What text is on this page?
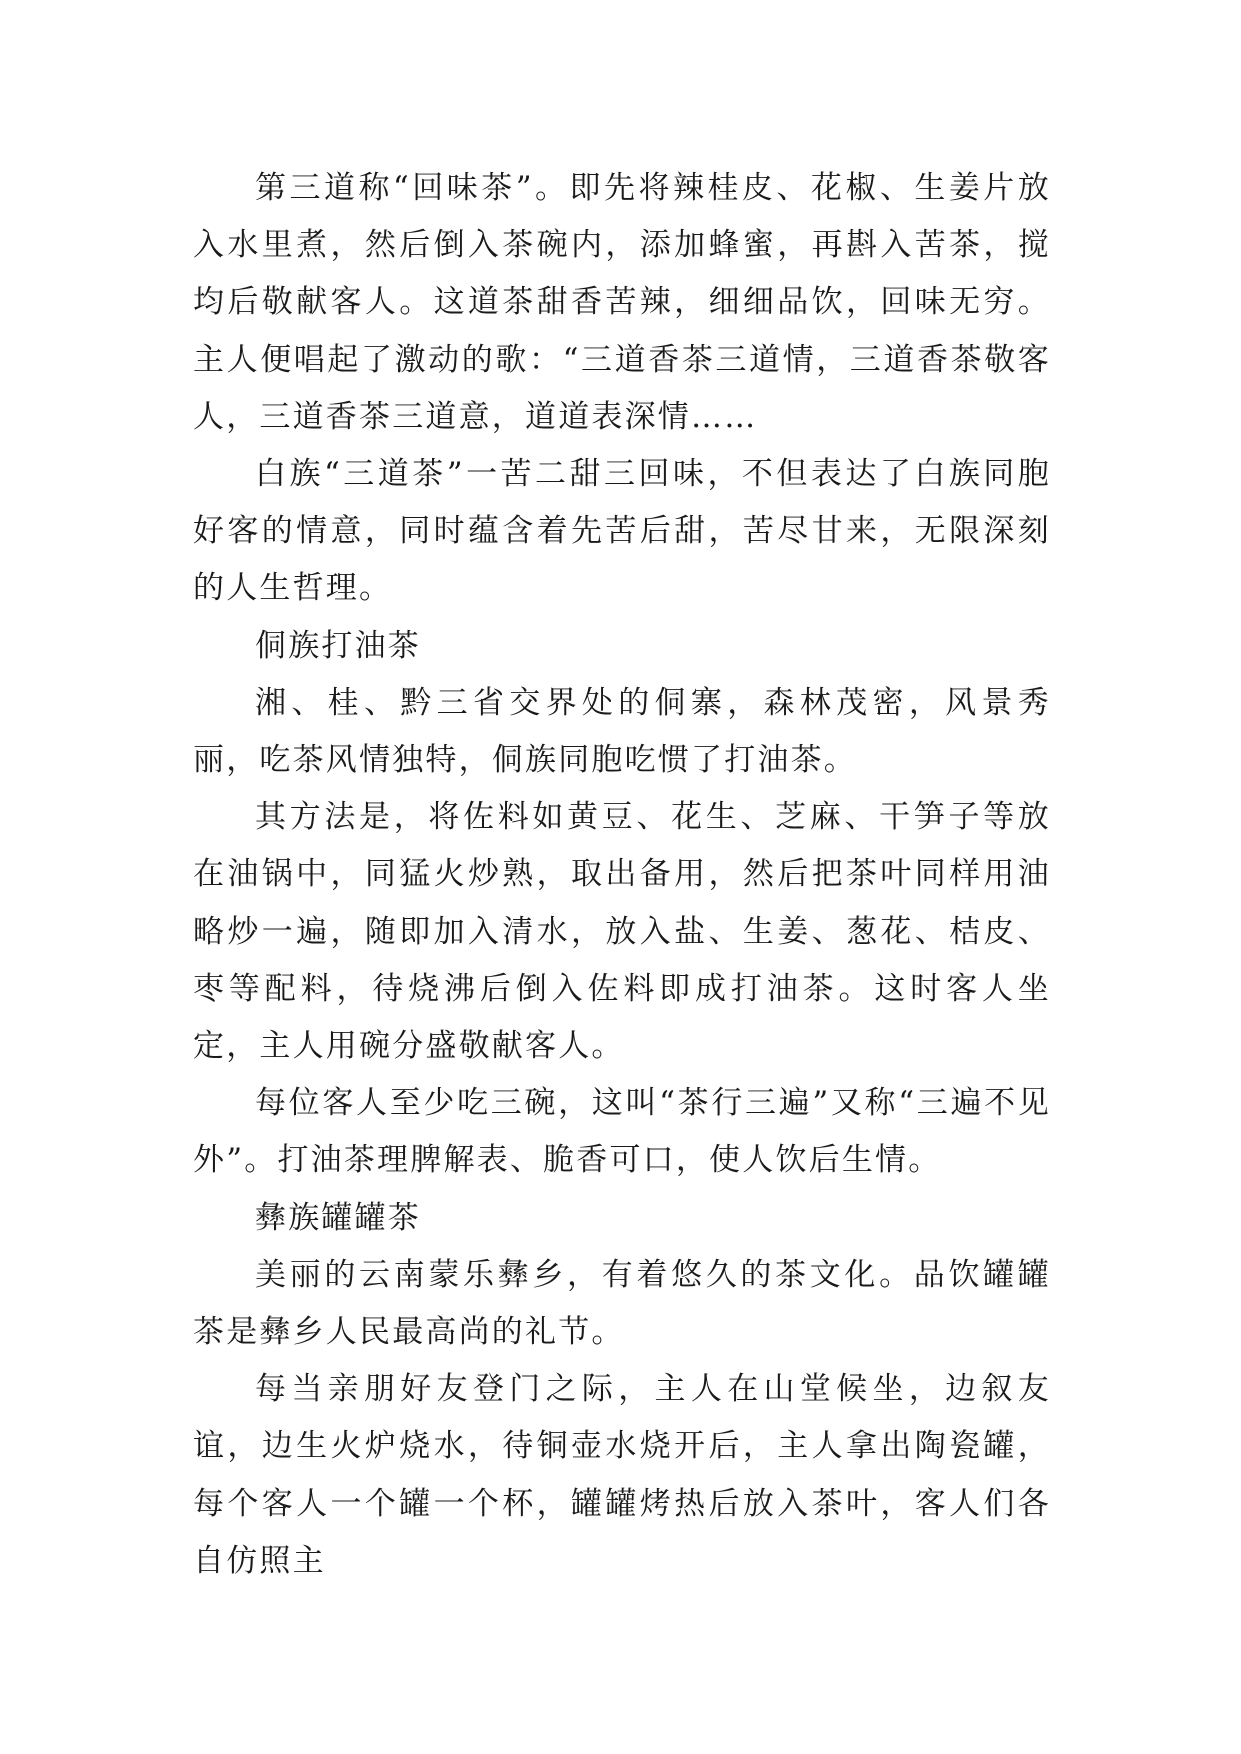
第三道称“回味茶”。即先将辣桂皮、花椒、生姜片放入水里煮，然后倒入茶碗内，添加蜂蜜，再斟入苦茶，搅均后敬献客人。这道茶甜香苦辣，细细品饮，回味无穷。主人便唱起了激动的歌：“三道香茶三道情，三道香茶敬客人，三道香茶三道意，道道表深情……

白族“三道茶”一苦二甜三回味，不但表达了白族同胞好客的情意，同时蕴含着先苦后甜，苦尽甘来，无限深刻的人生哲理。

侗族打油茶

湘、桂、黔三省交界处的侗寨，森林茂密，风景秀丽，吃茶风情独特，侗族同胞吃惯了打油茶。

其方法是，将佐料如黄豆、花生、芝麻、干笋子等放在油锅中，同猛火炒熟，取出备用，然后把茶叶同样用油略炒一遍，随即加入清水，放入盐、生姜、葱花、桔皮、枣等配料，待烧沸后倒入佐料即成打油茶。这时客人坐定，主人用碗分盛敬献客人。

每位客人至少吃三碗，这叫“茶行三遍”又称“三遍不见外”。打油茶理脾解表、脆香可口，使人饮后生情。

彝族罐罐茶

美丽的云南蒙乐彝乡，有着悠久的茶文化。品饮罐罐茶是彝乡人民最高尚的礼节。

每当亲朋好友登门之际，主人在山堂候坐，边叙友谊，边生火炉烧水，待铜壶水烧开后，主人拿出陶瓷罐，每个客人一个罐一个杯，罐罐烤热后放入茶叶，客人们各自仿照主
